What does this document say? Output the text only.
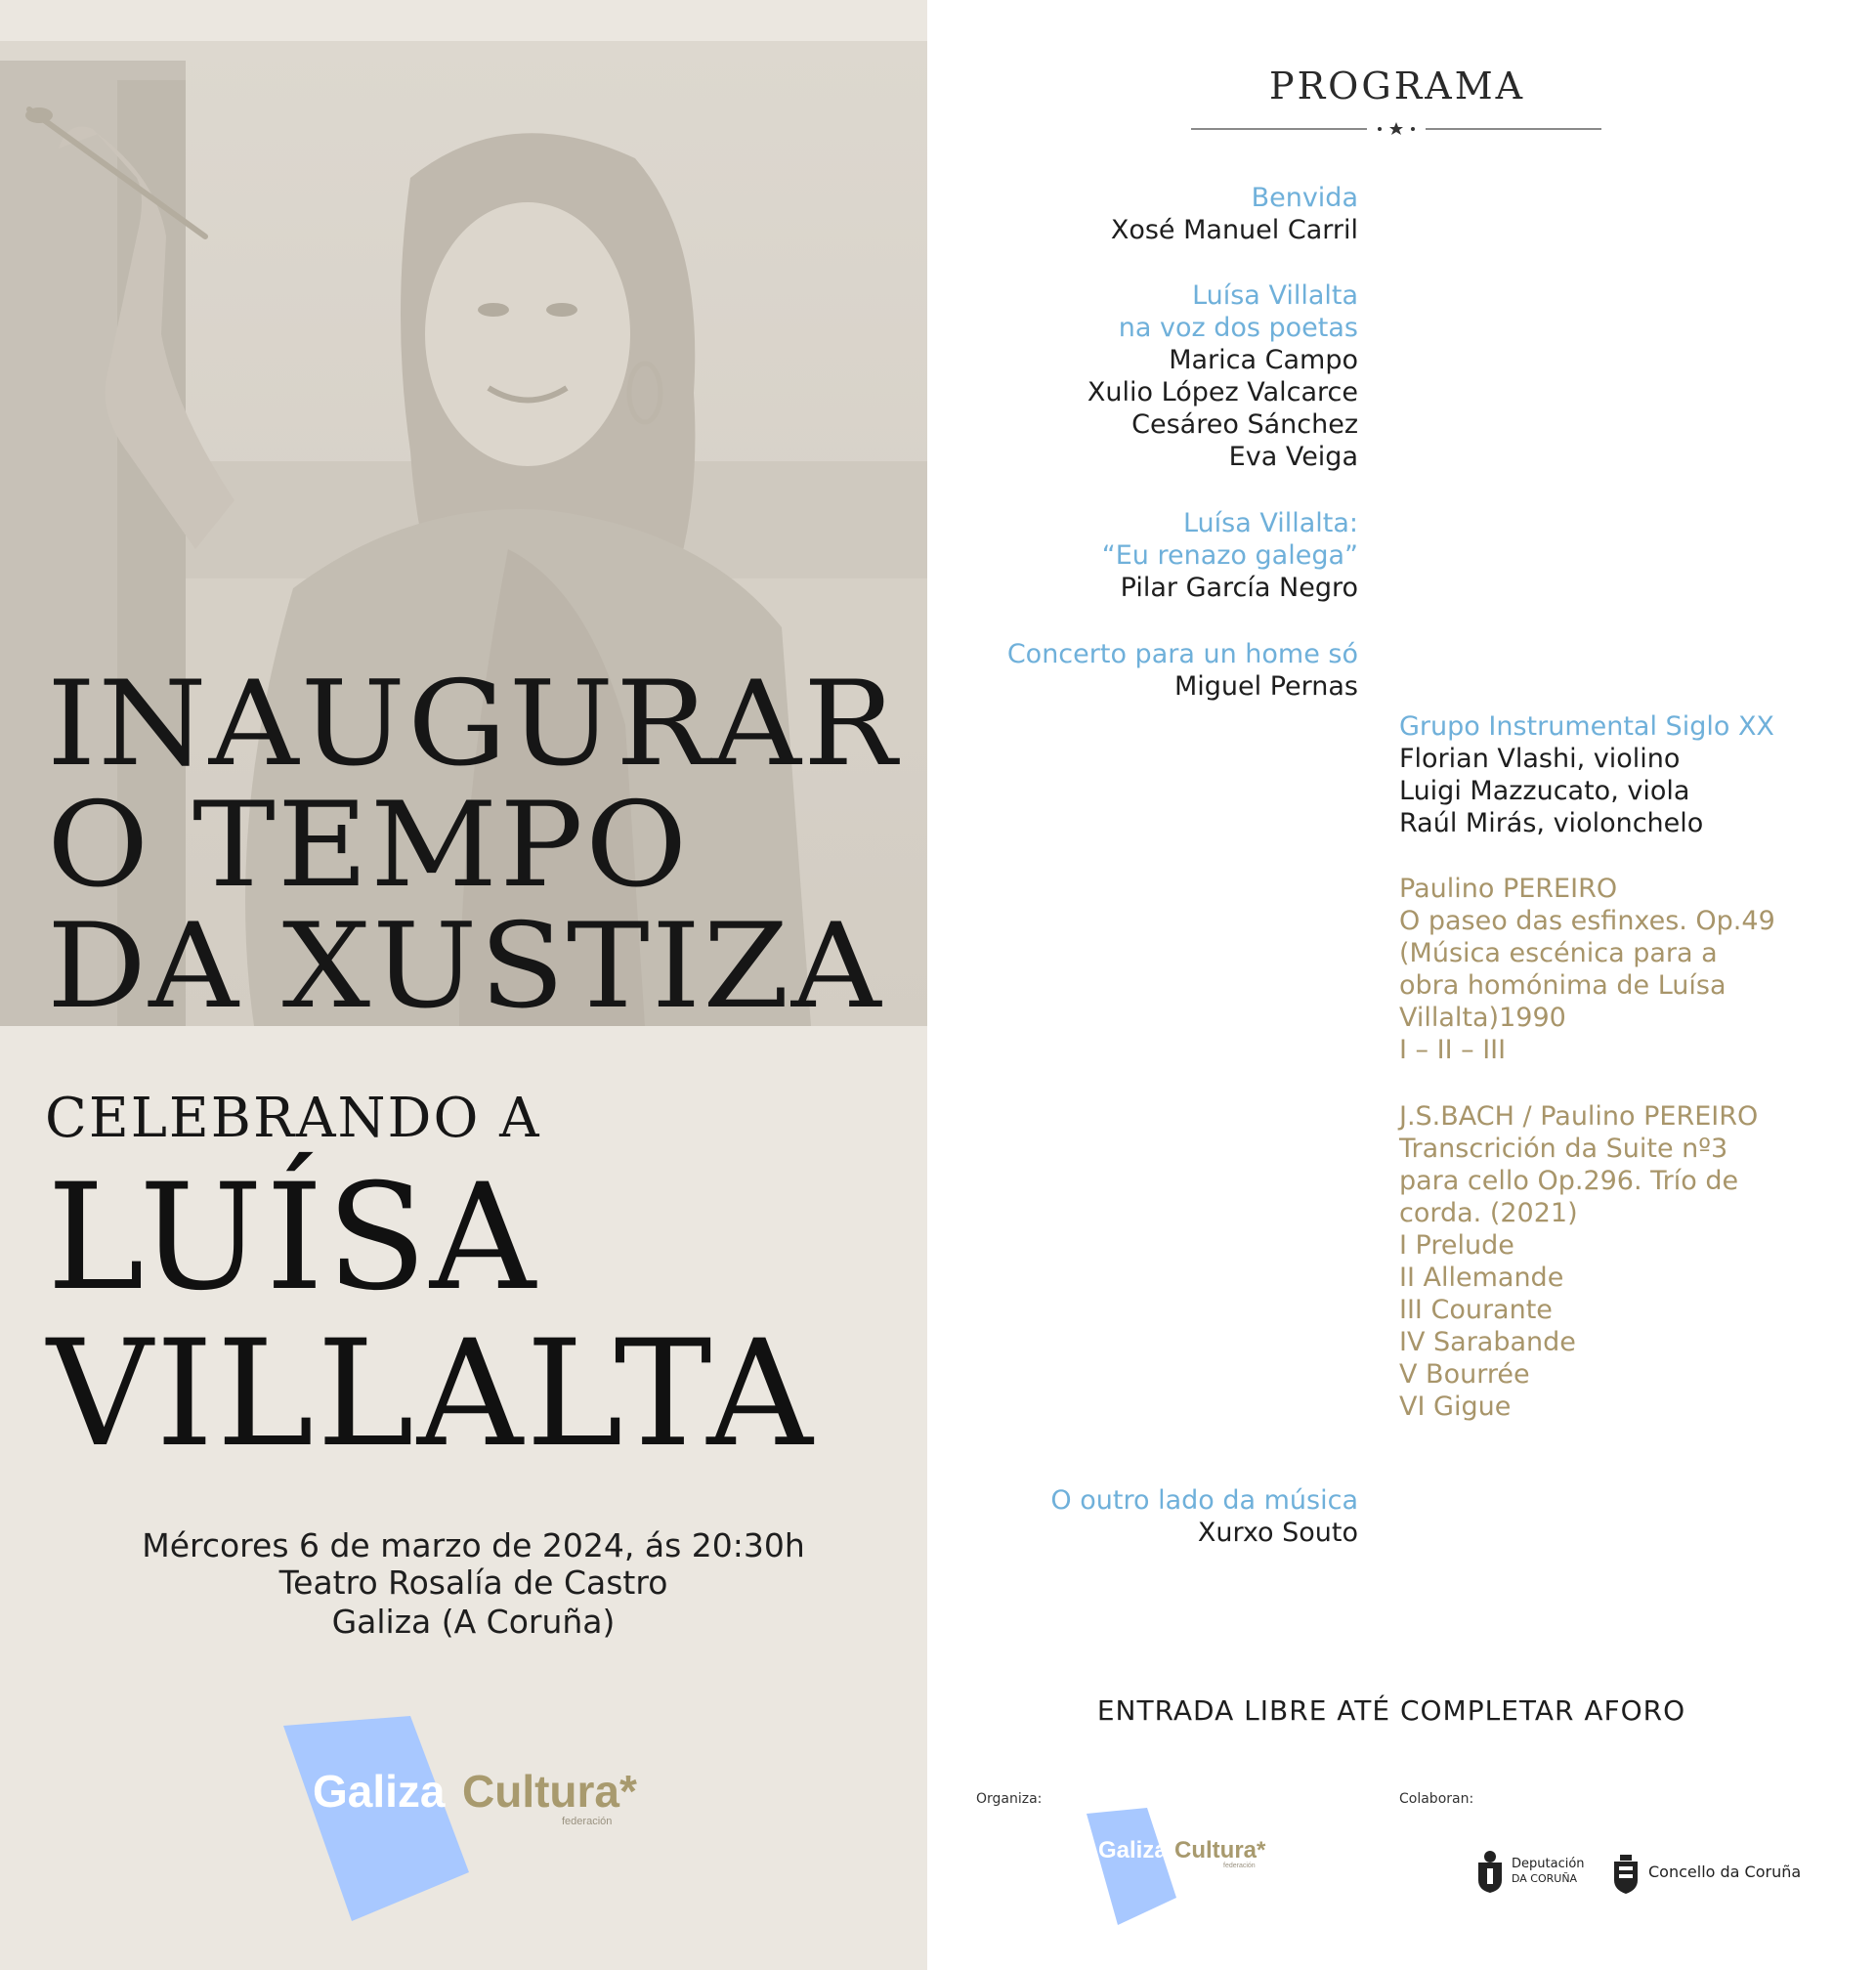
INAUGURAR
O TEMPO
DA XUSTIZA
CELEBRANDO A
LUÍSA
VILLALTA
Mércores 6 de marzo de 2024, ás 20:30h
Teatro Rosalía de Castro
Galiza (A Coruña)
Galiza Cultura*
federación
PROGRAMA
Benvida
Xosé Manuel Carril
Luísa Villalta
na voz dos poetas
Marica Campo
Xulio López Valcarce
Cesáreo Sánchez
Eva Veiga
Luísa Villalta:
“Eu renazo galega”
Pilar García Negro
Concerto para un home só
Miguel Pernas
Grupo Instrumental Siglo XX
Florian Vlashi, violino
Luigi Mazzucato, viola
Raúl Mirás, violonchelo
Paulino PEREIRO
O paseo das esfinxes. Op.49
(Música escénica para a
obra homónima de Luísa
Villalta)1990
I – II – III
J.S.BACH / Paulino PEREIRO
Transcrición da Suite nº3
para cello Op.296. Trío de
corda. (2021)
I Prelude
II Allemande
III Courante
IV Sarabande
V Bourrée
VI Gigue
O outro lado da música
Xurxo Souto
ENTRADA LIBRE ATÉ COMPLETAR AFORO
Organiza:	Colaboran:
Galiza Cultura*
federación	Deputación
DA CORUÑA	Concello da Coruña
